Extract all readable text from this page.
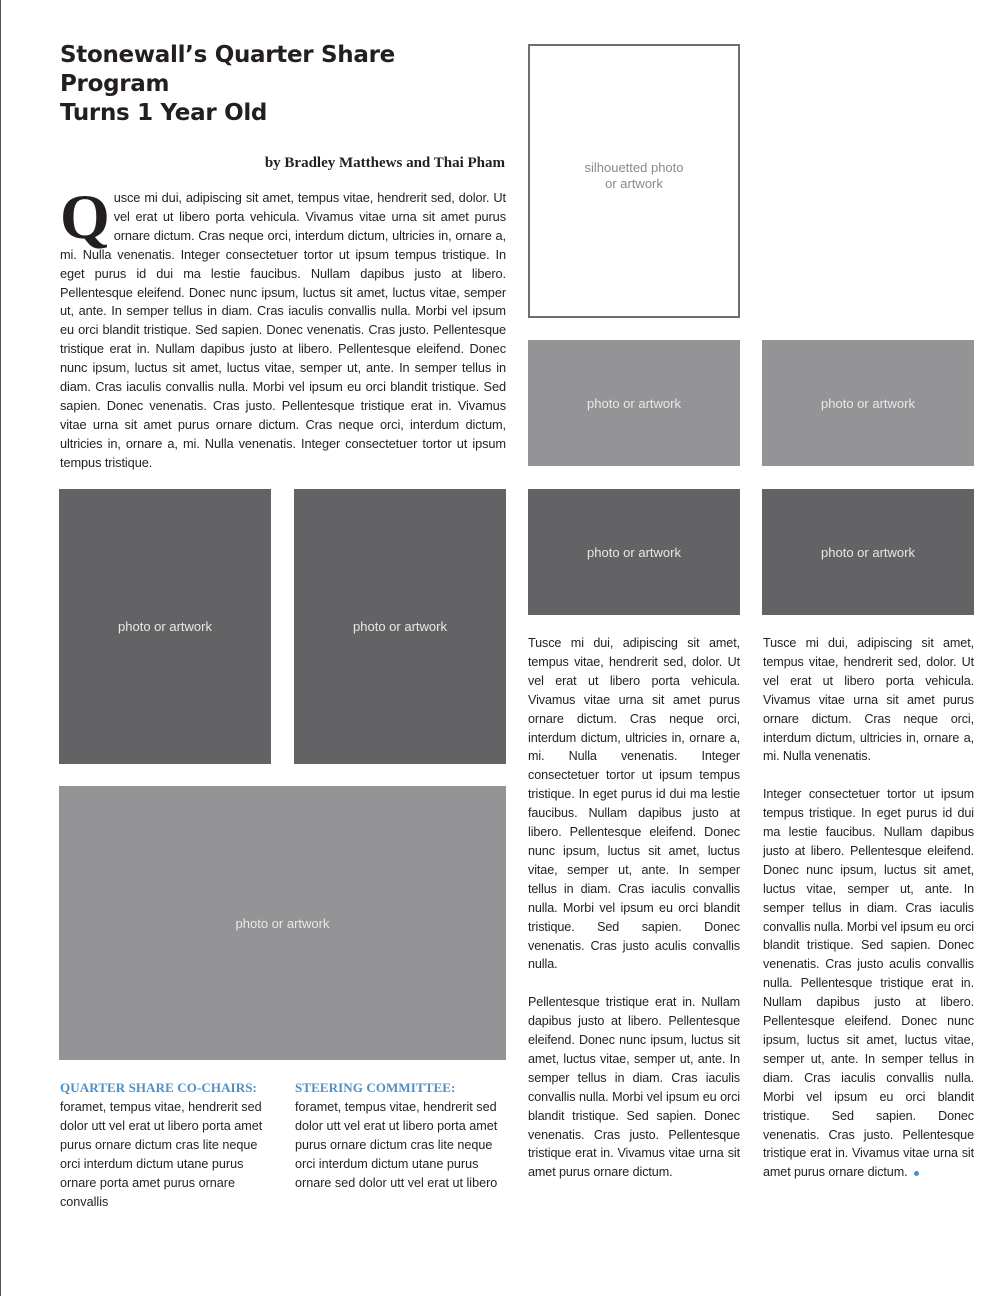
Stonewall’s Quarter Share Program
Turns 1 Year Old
by Bradley Matthews and Thai Pham

Qusce mi dui, adipiscing sit amet, tempus vitae, hendrerit sed, dolor. Ut vel erat ut libero porta vehicula. Vivamus vitae urna sit amet purus ornare dictum. Cras neque orci, interdum dictum, ultricies in, ornare a, mi. Nulla venenatis. Integer consectetuer tortor ut ipsum tempus tristique. In eget purus id dui ma lestie faucibus. Nullam dapibus justo at libero. Pellentesque eleifend. Donec nunc ipsum, luctus sit amet, luctus vitae, semper ut, ante. In semper tellus in diam. Cras iaculis convallis nulla. Morbi vel ipsum eu orci blandit tristique. Sed sapien. Donec venenatis. Cras justo. Pellentesque tristique erat in. Nullam dapibus justo at libero. Pellentesque eleifend. Donec nunc ipsum, luctus sit amet, luctus vitae, semper ut, ante. In semper tellus in diam. Cras iaculis convallis nulla. Morbi vel ipsum eu orci blandit tristique. Sed sapien. Donec venenatis. Cras justo. Pellentesque tristique erat in. Vivamus vitae urna sit amet purus ornare dictum. Cras neque orci, interdum dictum, ultricies in, ornare a, mi. Nulla venenatis. Integer consectetuer tortor ut ipsum tempus tristique.

silhouetted photo
or artwork
photo or artwork	photo or artwork
photo or artwork	photo or artwork
photo or artwork	photo or artwork
photo or artwork

Tusce mi dui, adipiscing sit amet, tempus vitae, hendrerit sed, dolor. Ut vel erat ut libero porta vehicula. Vivamus vitae urna sit amet purus ornare dictum. Cras neque orci, interdum dictum, ultricies in, ornare a, mi. Nulla venenatis. Integer consectetuer tortor ut ipsum tempus tristique. In eget purus id dui ma lestie faucibus. Nullam dapibus justo at libero. Pellentesque eleifend. Donec nunc ipsum, luctus sit amet, luctus vitae, semper ut, ante. In semper tellus in diam. Cras iaculis convallis nulla. Morbi vel ipsum eu orci blandit tristique. Sed sapien. Donec venenatis. Cras justo aculis convallis nulla.

Pellentesque tristique erat in. Nullam dapibus justo at libero. Pellentesque eleifend. Donec nunc ipsum, luctus sit amet, luctus vitae, semper ut, ante. In semper tellus in diam. Cras iaculis convallis nulla. Morbi vel ipsum eu orci blandit tristique. Sed sapien. Donec venenatis. Cras justo. Pellentesque tristique erat in. Vivamus vitae urna sit amet purus ornare dictum.

Tusce mi dui, adipiscing sit amet, tempus vitae, hendrerit sed, dolor. Ut vel erat ut libero porta vehicula. Vivamus vitae urna sit amet purus ornare dictum. Cras neque orci, interdum dictum, ultricies in, ornare a, mi. Nulla venenatis.

Integer consectetuer tortor ut ipsum tempus tristique. In eget purus id dui ma lestie faucibus. Nullam dapibus justo at libero. Pellentesque eleifend. Donec nunc ipsum, luctus sit amet, luctus vitae, semper ut, ante. In semper tellus in diam. Cras iaculis convallis nulla. Morbi vel ipsum eu orci blandit tristique. Sed sapien. Donec venenatis. Cras justo aculis convallis nulla. Pellentesque tristique erat in. Nullam dapibus justo at libero. Pellentesque eleifend. Donec nunc ipsum, luctus sit amet, luctus vitae, semper ut, ante. In semper tellus in diam. Cras iaculis convallis nulla. Morbi vel ipsum eu orci blandit tristique. Sed sapien. Donec venenatis. Cras justo. Pellentesque tristique erat in. Vivamus vitae urna sit amet purus ornare dictum.

QUARTER SHARE CO-CHAIRS:

foramet, tempus vitae, hendrerit sed dolor utt vel erat ut libero porta amet purus ornare dictum cras lite neque orci interdum dictum utane purus ornare porta amet purus ornare convallis

STEERING COMMITTEE:

foramet, tempus vitae, hendrerit sed dolor utt vel erat ut libero porta amet purus ornare dictum cras lite neque orci interdum dictum utane purus ornare sed dolor utt vel erat ut libero
